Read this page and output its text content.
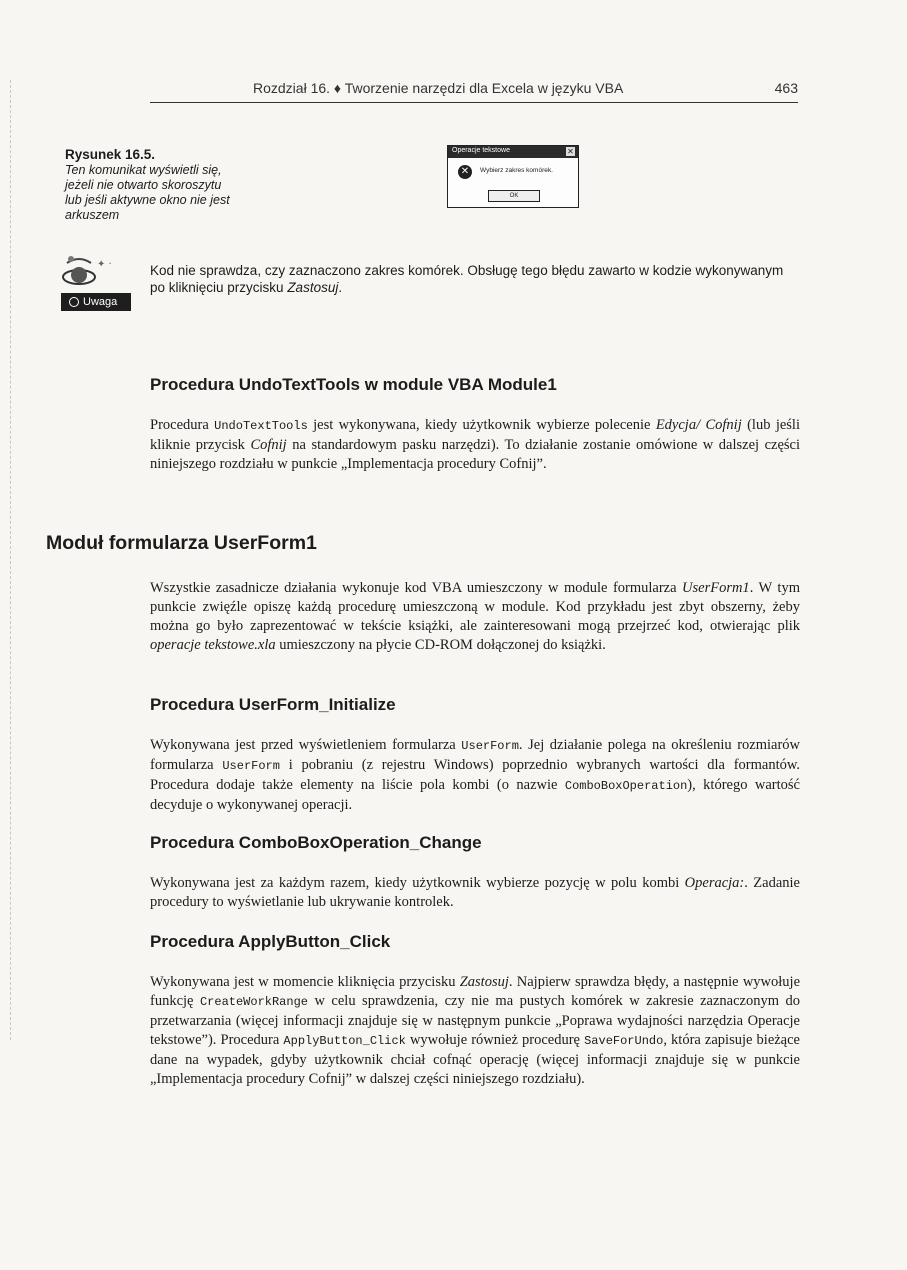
Rozdział 16. ♦ Tworzenie narzędzi dla Excela w języku VBA	463
Rysunek 16.5.
Ten komunikat wyświetli się, jeżeli nie otwarto skoroszytu lub jeśli aktywne okno nie jest arkuszem
Operacje tekstowe	✕
✕	Wybierz zakres komórek.
OK
✦ ·
Uwaga
Kod nie sprawdza, czy zaznaczono zakres komórek. Obsługę tego błędu zawarto w kodzie wykonywanym po kliknięciu przycisku Zastosuj.
Procedura UndoTextTools w module VBA Module1

Procedura UndoTextTools jest wykonywana, kiedy użytkownik wybierze polecenie Edycja/ Cofnij (lub jeśli kliknie przycisk Cofnij na standardowym pasku narzędzi). To działanie zostanie omówione w dalszej części niniejszego rozdziału w punkcie „Implementacja procedury Cofnij”.

Moduł formularza UserForm1

Wszystkie zasadnicze działania wykonuje kod VBA umieszczony w module formularza UserForm1. W tym punkcie zwięźle opiszę każdą procedurę umieszczoną w module. Kod przykładu jest zbyt obszerny, żeby można go było zaprezentować w tekście książki, ale zainteresowani mogą przejrzeć kod, otwierając plik operacje tekstowe.xla umieszczony na płycie CD-ROM dołączonej do książki.

Procedura UserForm_Initialize

Wykonywana jest przed wyświetleniem formularza UserForm. Jej działanie polega na określeniu rozmiarów formularza UserForm i pobraniu (z rejestru Windows) poprzednio wybranych wartości dla formantów. Procedura dodaje także elementy na liście pola kombi (o nazwie ComboBoxOperation), którego wartość decyduje o wykonywanej operacji.

Procedura ComboBoxOperation_Change

Wykonywana jest za każdym razem, kiedy użytkownik wybierze pozycję w polu kombi Operacja:. Zadanie procedury to wyświetlanie lub ukrywanie kontrolek.

Procedura ApplyButton_Click

Wykonywana jest w momencie kliknięcia przycisku Zastosuj. Najpierw sprawdza błędy, a następnie wywołuje funkcję CreateWorkRange w celu sprawdzenia, czy nie ma pustych komórek w zakresie zaznaczonym do przetwarzania (więcej informacji znajduje się w następnym punkcie „Poprawa wydajności narzędzia Operacje tekstowe”). Procedura ApplyButton_Click wywołuje również procedurę SaveForUndo, która zapisuje bieżące dane na wypadek, gdyby użytkownik chciał cofnąć operację (więcej informacji znajduje się w punkcie „Implementacja procedury Cofnij” w dalszej części niniejszego rozdziału).
